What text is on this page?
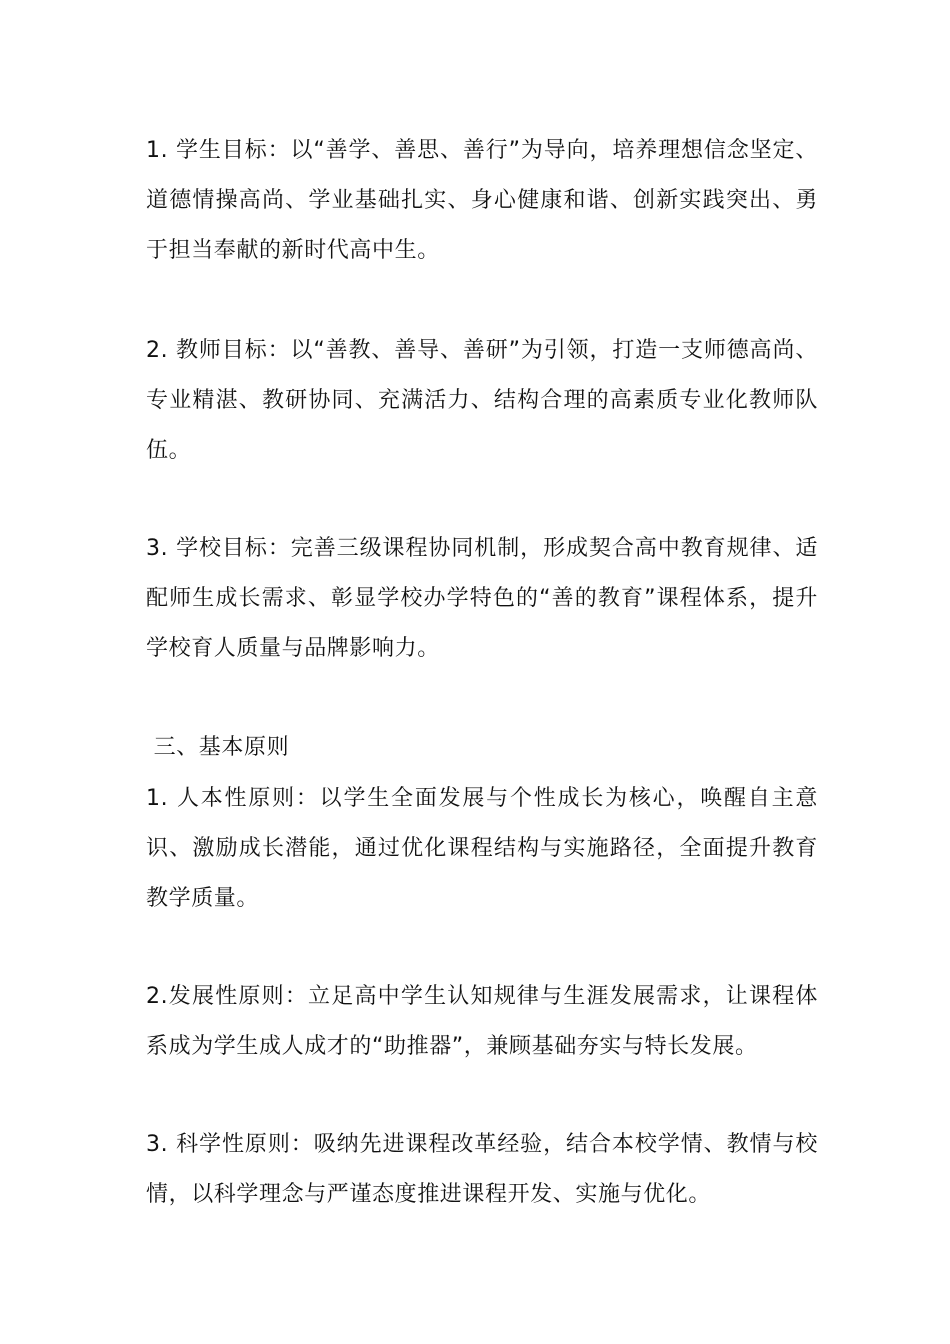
1. 学生目标：以“善学、善思、善行”为导向，培养理想信念坚定、道德情操高尚、学业基础扎实、身心健康和谐、创新实践突出、勇于担当奉献的新时代高中生。

2. 教师目标：以“善教、善导、善研”为引领，打造一支师德高尚、专业精湛、教研协同、充满活力、结构合理的高素质专业化教师队伍。

3. 学校目标：完善三级课程协同机制，形成契合高中教育规律、适配师生成长需求、彰显学校办学特色的“善的教育”课程体系，提升学校育人质量与品牌影响力。

三、基本原则

1. 人本性原则：以学生全面发展与个性成长为核心，唤醒自主意识、激励成长潜能，通过优化课程结构与实施路径，全面提升教育教学质量。

2.发展性原则：立足高中学生认知规律与生涯发展需求，让课程体系成为学生成人成才的“助推器”，兼顾基础夯实与特长发展。

3. 科学性原则：吸纳先进课程改革经验，结合本校学情、教情与校情，以科学理念与严谨态度推进课程开发、实施与优化。
